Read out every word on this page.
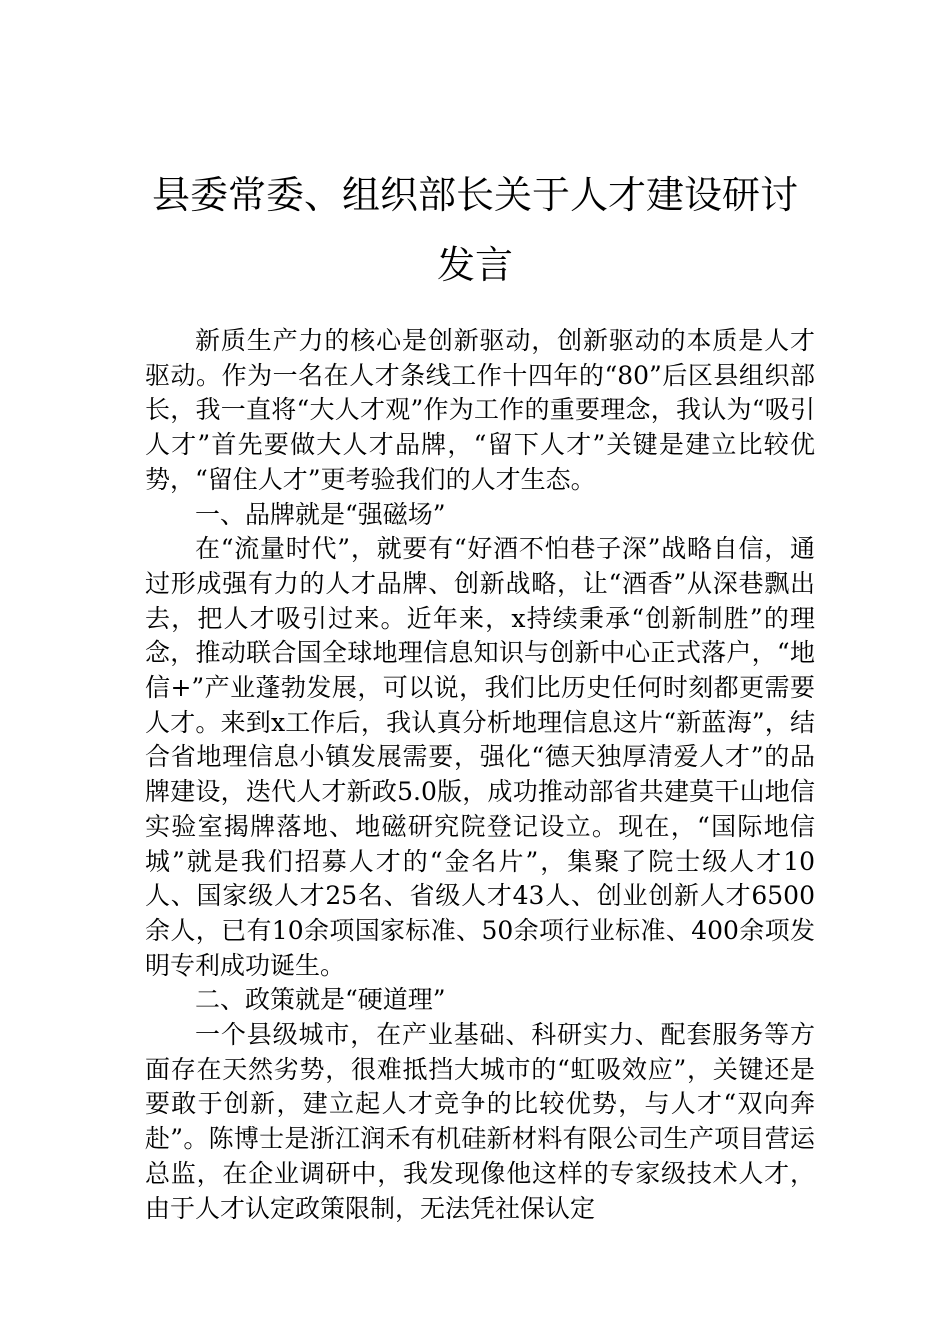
县委常委、组织部长关于人才建设研讨发言

新质生产力的核心是创新驱动，创新驱动的本质是人才驱动。作为一名在人才条线工作十四年的“80”后区县组织部长，我一直将“大人才观”作为工作的重要理念，我认为“吸引人才”首先要做大人才品牌，“留下人才”关键是建立比较优势，“留住人才”更考验我们的人才生态。

一、品牌就是“强磁场”

在“流量时代”，就要有“好酒不怕巷子深”战略自信，通过形成强有力的人才品牌、创新战略，让“酒香”从深巷飘出去，把人才吸引过来。近年来，x持续秉承“创新制胜”的理念，推动联合国全球地理信息知识与创新中心正式落户，“地信+”产业蓬勃发展，可以说，我们比历史任何时刻都更需要人才。来到x工作后，我认真分析地理信息这片“新蓝海”，结合省地理信息小镇发展需要，强化“德天独厚清爱人才”的品牌建设，迭代人才新政5.0版，成功推动部省共建莫干山地信实验室揭牌落地、地磁研究院登记设立。现在，“国际地信城”就是我们招募人才的“金名片”，集聚了院士级人才10人、国家级人才25名、省级人才43人、创业创新人才6500余人，已有10余项国家标准、50余项行业标准、400余项发明专利成功诞生。

二、政策就是“硬道理”

一个县级城市，在产业基础、科研实力、配套服务等方面存在天然劣势，很难抵挡大城市的“虹吸效应”，关键还是要敢于创新，建立起人才竞争的比较优势，与人才“双向奔赴”。陈博士是浙江润禾有机硅新材料有限公司生产项目营运总监，在企业调研中，我发现像他这样的专家级技术人才，由于人才认定政策限制，无法凭社保认定
